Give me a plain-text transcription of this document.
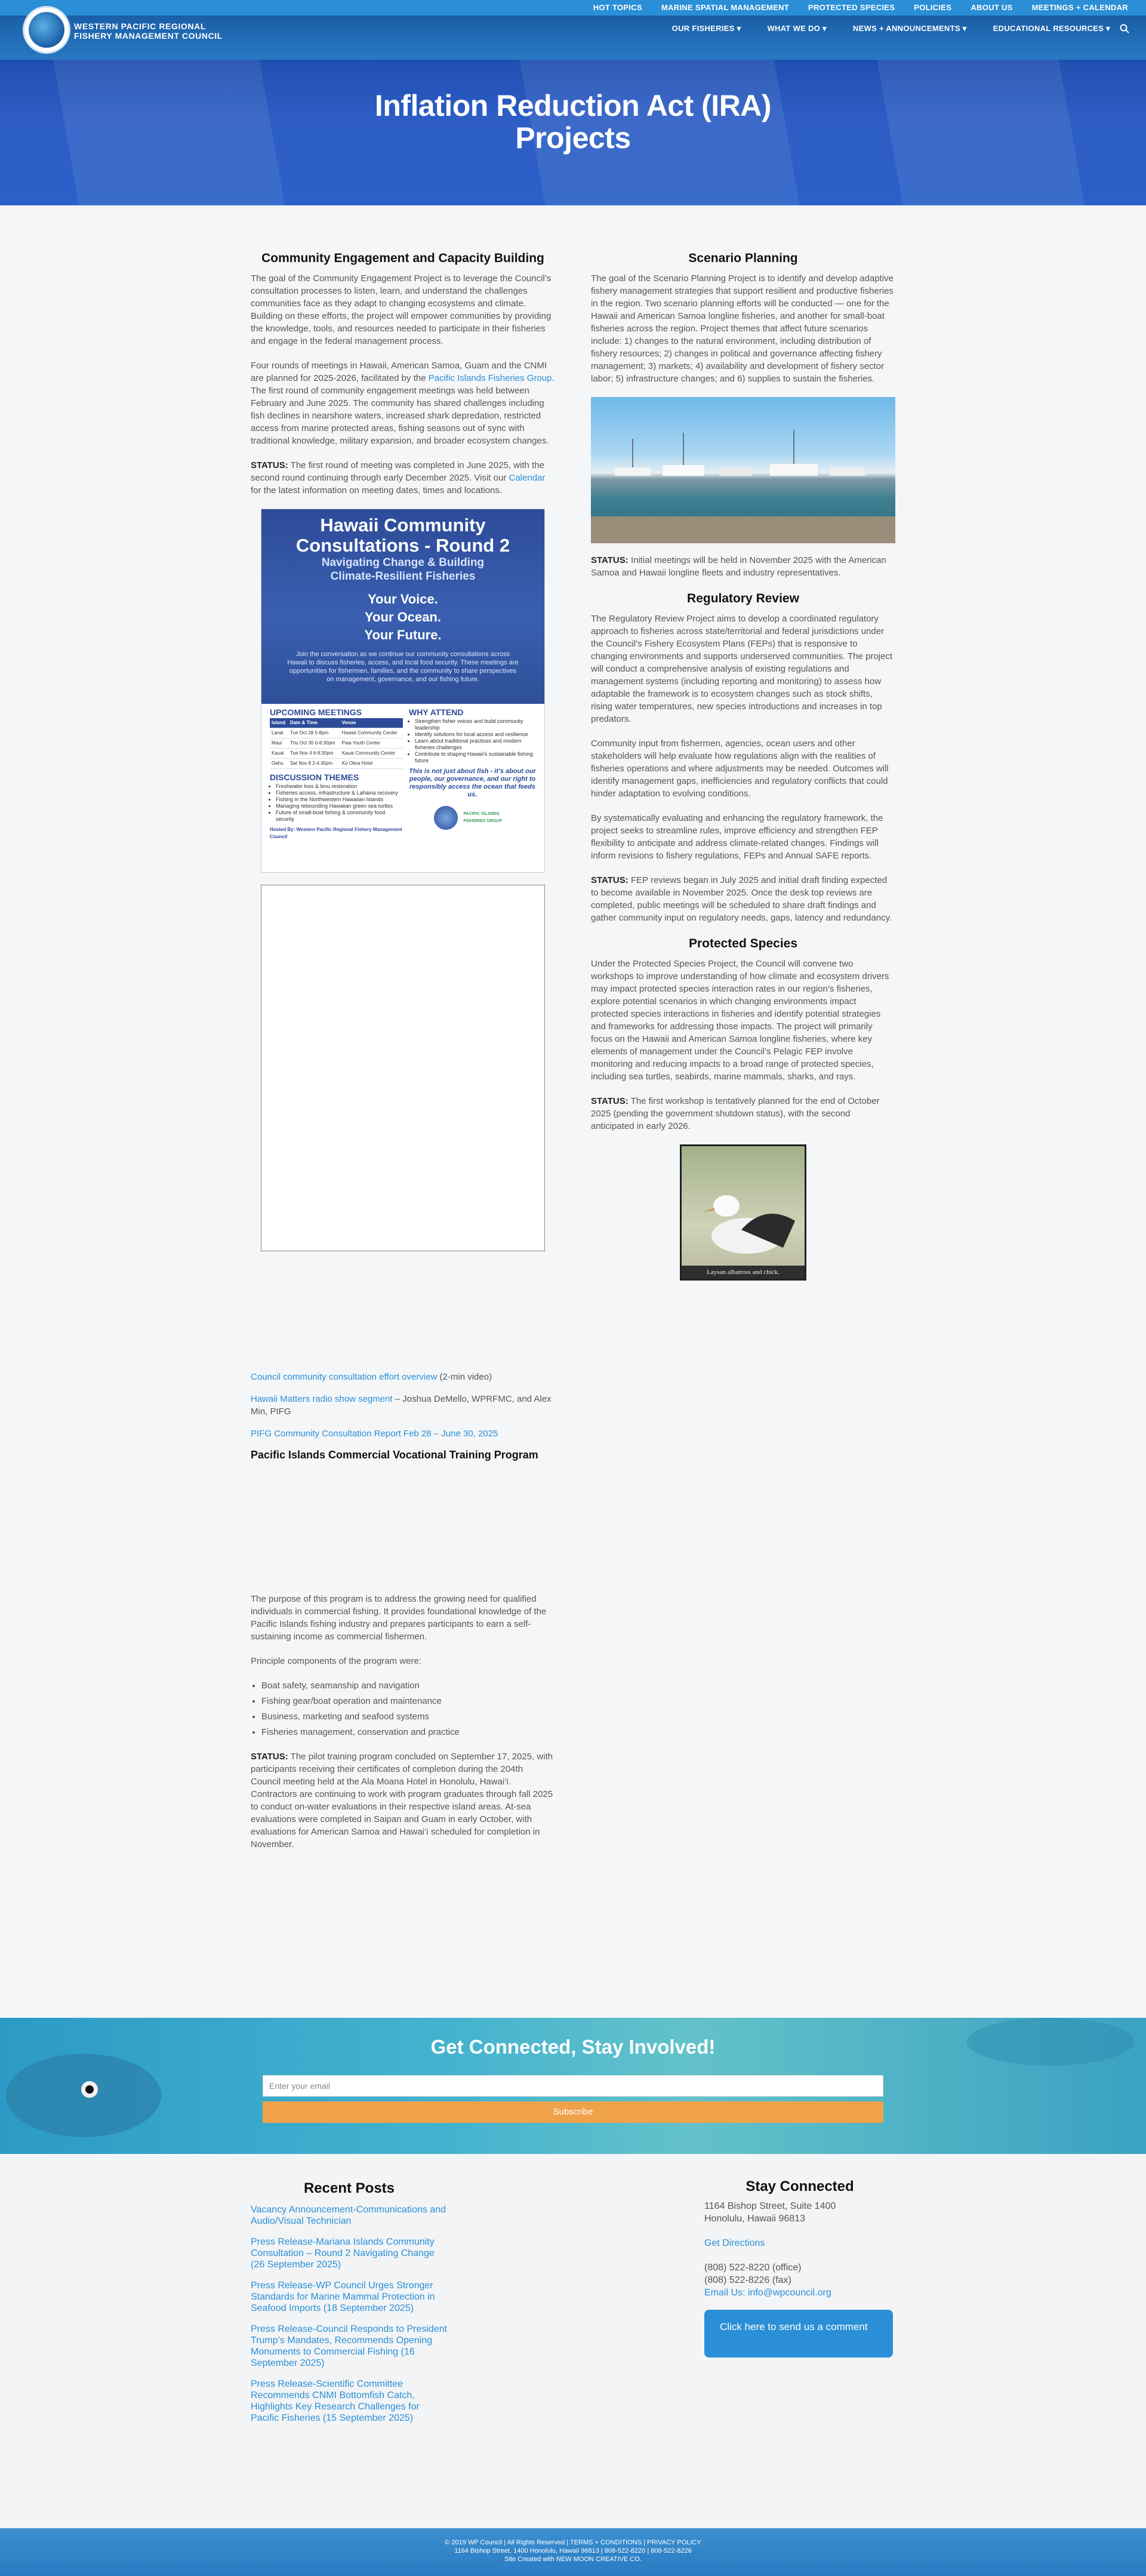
HOT TOPICS MARINE SPATIAL MANAGEMENT PROTECTED SPECIES POLICIES ABOUT US MEETINGS + CALENDAR
WESTERN PACIFIC REGIONAL
FISHERY MANAGEMENT COUNCIL
OUR FISHERIES ▾	WHAT WE DO ▾	NEWS + ANNOUNCEMENTS ▾	EDUCATIONAL RESOURCES ▾
Inflation Reduction Act (IRA)
Projects
Community Engagement and Capacity Building

The goal of the Community Engagement Project is to leverage the Council’s consultation processes to listen, learn, and understand the challenges communities face as they adapt to changing ecosystems and climate. Building on these efforts, the project will empower communities by providing the knowledge, tools, and resources needed to participate in their fisheries and engage in the federal management process.

Four rounds of meetings in Hawaii, American Samoa, Guam and the CNMI are planned for 2025-2026, facilitated by the Pacific Islands Fisheries Group. The first round of community engagement meetings was held between February and June 2025. The community has shared challenges including fish declines in nearshore waters, increased shark depredation, restricted access from marine protected areas, fishing seasons out of sync with traditional knowledge, military expansion, and broader ecosystem changes.

STATUS: The first round of meeting was completed in June 2025, with the second round continuing through early December 2025. Visit our Calendar for the latest information on meeting dates, times and locations.

Hawaii Community
Consultations - Round 2
Navigating Change & Building
Climate-Resilient Fisheries
Your Voice.
Your Ocean.
Your Future.
Join the conversation as we continue our community consultations across Hawaii to discuss fisheries, access, and local food security. These meetings are opportunities for fishermen, families, and the community to share perspectives on management, governance, and our fishing future.
UPCOMING MEETINGS
Island	Date & Time	Venue
Lanai	Tue Oct 28 5-8pm	Hawaii Community Center
Maui	Thu Oct 30 6-8:30pm	Paia Youth Center
Kauai	Tue Nov 4 6-8:30pm	Kauai Community Center
Oahu	Sat Nov 8 2-4:30pm	Ko Olina Hotel
DISCUSSION THEMES
• Freshwater loss & limu restoration
• Fisheries access, infrastructure & Lahaina recovery
• Fishing in the Northwestern Hawaiian Islands
• Managing rebounding Hawaiian green sea turtles
• Future of small-boat fishing & community food security
Hosted By: Western Pacific Regional Fishery Management Council
WHY ATTEND
• Strengthen fisher voices and build community leadership
• Identify solutions for local access and resilience
• Learn about traditional practices and modern fisheries challenges
• Contribute to shaping Hawaii’s sustainable fishing future
This is not just about fish - it’s about our people, our governance, and our right to responsibly access the ocean that feeds us.
PACIFIC ISLANDS FISHERIES GROUP

Council community consultation effort overview (2-min video)

Hawaii Matters radio show segment – Joshua DeMello, WPRFMC, and Alex Min, PIFG

PIFG Community Consultation Report Feb 28 – June 30, 2025

Pacific Islands Commercial Vocational Training Program

The purpose of this program is to address the growing need for qualified individuals in commercial fishing. It provides foundational knowledge of the Pacific Islands fishing industry and prepares participants to earn a self-sustaining income as commercial fishermen.

Principle components of the program were:

• Boat safety, seamanship and navigation
• Fishing gear/boat operation and maintenance
• Business, marketing and seafood systems
• Fisheries management, conservation and practice

STATUS: The pilot training program concluded on September 17, 2025, with participants receiving their certificates of completion during the 204th Council meeting held at the Ala Moana Hotel in Honolulu, Hawai‘i. Contractors are continuing to work with program graduates through fall 2025 to conduct on-water evaluations in their respective island areas. At-sea evaluations were completed in Saipan and Guam in early October, with evaluations for American Samoa and Hawai‘i scheduled for completion in November.

Scenario Planning

The goal of the Scenario Planning Project is to identify and develop adaptive fishery management strategies that support resilient and productive fisheries in the region. Two scenario planning efforts will be conducted — one for the Hawaii and American Samoa longline fisheries, and another for small-boat fisheries across the region. Project themes that affect future scenarios include: 1) changes to the natural environment, including distribution of fishery resources; 2) changes in political and governance affecting fishery management; 3) markets; 4) availability and development of fishery sector labor; 5) infrastructure changes; and 6) supplies to sustain the fisheries.

STATUS: Initial meetings will be held in November 2025 with the American Samoa and Hawaii longline fleets and industry representatives.

Regulatory Review

The Regulatory Review Project aims to develop a coordinated regulatory approach to fisheries across state/territorial and federal jurisdictions under the Council’s Fishery Ecosystem Plans (FEPs) that is responsive to changing environments and supports underserved communities. The project will conduct a comprehensive analysis of existing regulations and management systems (including reporting and monitoring) to assess how adaptable the framework is to ecosystem changes such as stock shifts, rising water temperatures, new species introductions and increases in top predators.

Community input from fishermen, agencies, ocean users and other stakeholders will help evaluate how regulations align with the realities of fisheries operations and where adjustments may be needed. Outcomes will identify management gaps, inefficiencies and regulatory conflicts that could hinder adaptation to evolving conditions.

By systematically evaluating and enhancing the regulatory framework, the project seeks to streamline rules, improve efficiency and strengthen FEP flexibility to anticipate and address climate-related changes. Findings will inform revisions to fishery regulations, FEPs and Annual SAFE reports.

STATUS: FEP reviews began in July 2025 and initial draft finding expected to become available in November 2025. Once the desk top reviews are completed, public meetings will be scheduled to share draft findings and gather community input on regulatory needs, gaps, latency and redundancy.

Protected Species

Under the Protected Species Project, the Council will convene two workshops to improve understanding of how climate and ecosystem drivers may impact protected species interaction rates in our region’s fisheries, explore potential scenarios in which changing environments impact protected species interactions in fisheries and identify potential strategies and frameworks for addressing those impacts. The project will primarily focus on the Hawaii and American Samoa longline fisheries, where key elements of management under the Council’s Pelagic FEP involve monitoring and reducing impacts to a broad range of protected species, including sea turtles, seabirds, marine mammals, sharks, and rays.

STATUS: The first workshop is tentatively planned for the end of October 2025 (pending the government shutdown status), with the second anticipated in early 2026.

Laysan albatross and chick.
Get Connected, Stay Involved!
Enter your email
Subscribe
Recent Posts
Vacancy Announcement-Communications and Audio/Visual Technician
Press Release-Mariana Islands Community Consultation – Round 2 Navigating Change (26 September 2025)
Press Release-WP Council Urges Stronger Standards for Marine Mammal Protection in Seafood Imports (18 September 2025)
Press Release-Council Responds to President Trump’s Mandates, Recommends Opening Monuments to Commercial Fishing (16 September 2025)
Press Release-Scientific Committee Recommends CNMI Bottomfish Catch, Highlights Key Research Challenges for Pacific Fisheries (15 September 2025)
Stay Connected
1164 Bishop Street, Suite 1400
Honolulu, Hawaii 96813
Get Directions
(808) 522-8220 (office)
(808) 522-8226 (fax)
Email Us: info@wpcouncil.org
Click here to send us a comment
© 2019 WP Council | All Rights Reserved | TERMS + CONDITIONS | PRIVACY POLICY
1164 Bishop Street, 1400 Honolulu, Hawaii 96813 | 808-522-8220 | 808-522-8226
Site Created with NEW MOON CREATIVE CO.
